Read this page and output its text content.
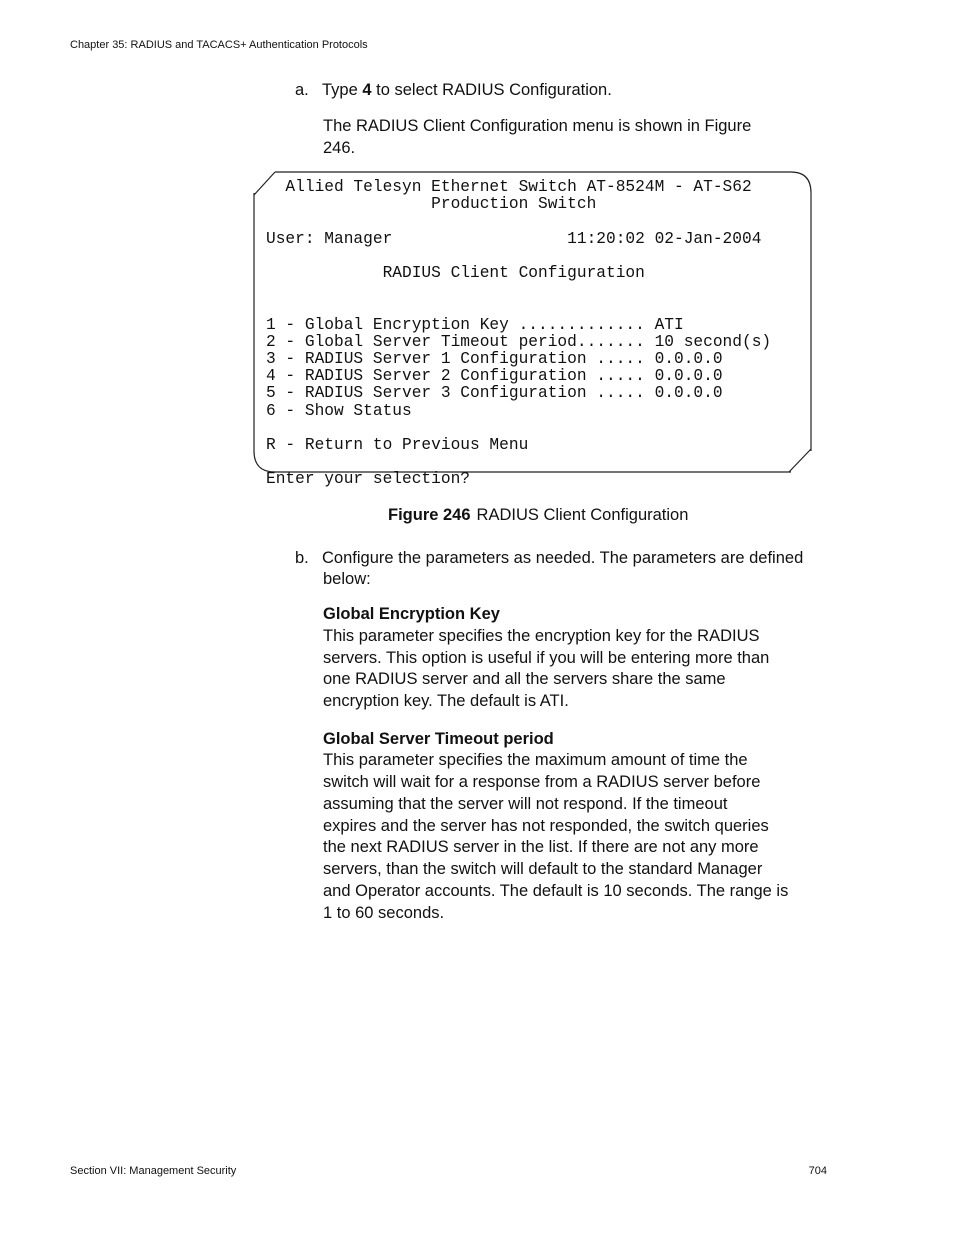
Chapter 35: RADIUS and TACACS+ Authentication Protocols
a. Type 4 to select RADIUS Configuration.
The RADIUS Client Configuration menu is shown in Figure
246.
Allied Telesyn Ethernet Switch AT-8524M - AT-S62
Production Switch

User: Manager                  11:20:02 02-Jan-2004

RADIUS Client Configuration

1 - Global Encryption Key ............. ATI
2 - Global Server Timeout period....... 10 second(s)
3 - RADIUS Server 1 Configuration ..... 0.0.0.0
4 - RADIUS Server 2 Configuration ..... 0.0.0.0
5 - RADIUS Server 3 Configuration ..... 0.0.0.0
6 - Show Status

R - Return to Previous Menu

Enter your selection?
Figure 246 RADIUS Client Configuration
b. Configure the parameters as needed. The parameters are defined
below:
Global Encryption Key
This parameter specifies the encryption key for the RADIUS
servers. This option is useful if you will be entering more than
one RADIUS server and all the servers share the same
encryption key. The default is ATI.
Global Server Timeout period
This parameter specifies the maximum amount of time the
switch will wait for a response from a RADIUS server before
assuming that the server will not respond. If the timeout
expires and the server has not responded, the switch queries
the next RADIUS server in the list. If there are not any more
servers, than the switch will default to the standard Manager
and Operator accounts. The default is 10 seconds. The range is
1 to 60 seconds.
Section VII: Management Security	704
